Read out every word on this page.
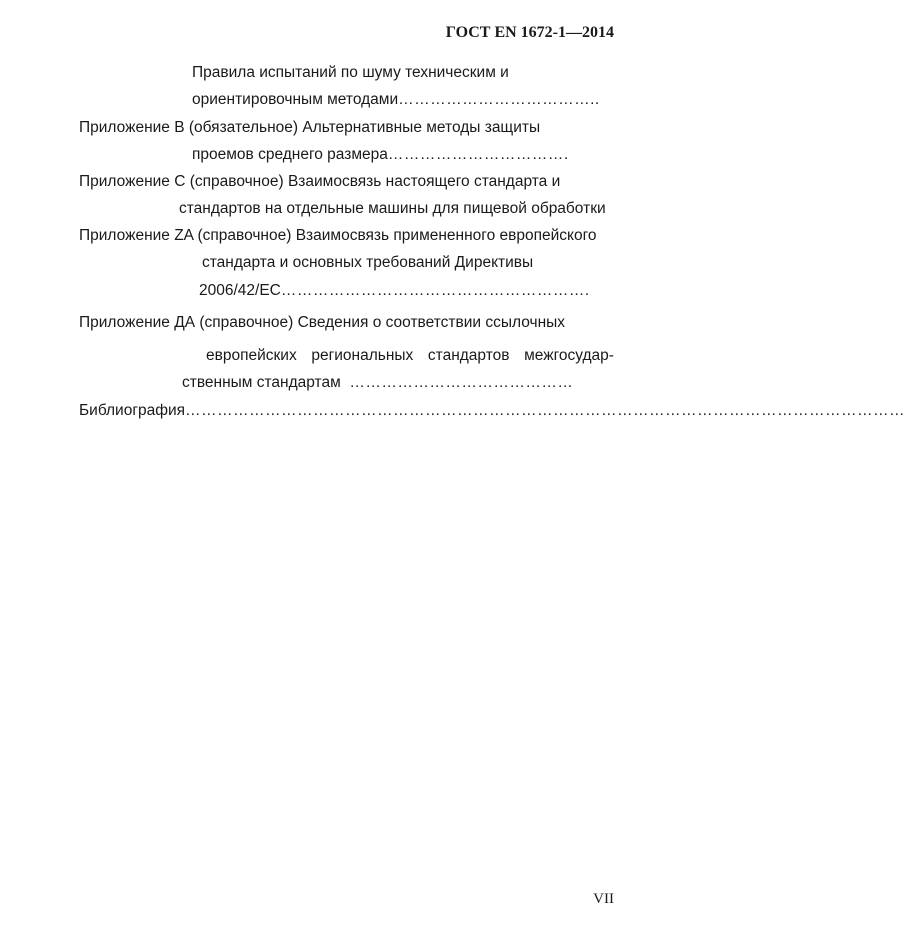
ГОСТ EN 1672-1—2014
Правила испытаний по шуму техническим и
ориентировочным методами………………………………..
Приложение B (обязательное) Альтернативные методы защиты
проемов среднего размера…………………………….
Приложение C (справочное) Взаимосвязь настоящего стандарта и
стандартов на отдельные машины для пищевой обработки
Приложение ZA (справочное) Взаимосвязь примененного европейского
стандарта и основных требований Директивы
2006/42/ЕС………………………………………………….
Приложение ДА (справочное) Сведения о соответствии ссылочных
европейских региональных стандартов межгосудар-
ственным стандартам ……………………………………
Библиография………………………………………………………………………………………………………………………
VII
